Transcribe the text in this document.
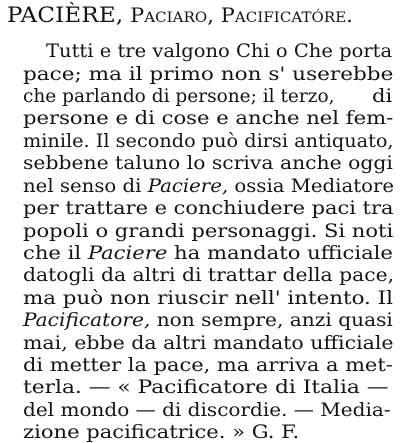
PACIÈRE, Paciaro, Pacificatóre.
Tutti e tre valgono Chi o Che porta
pace; ma il primo non s' userebbe
che parlando di persone; il terzo, di
persone e di cose e anche nel fem-
minile. Il secondo può dirsi antiquato,
sebbene taluno lo scriva anche oggi
nel senso di Paciere, ossia Mediatore
per trattare e conchiudere paci tra
popoli o grandi personaggi. Si noti
che il Paciere ha mandato ufficiale
datogli da altri di trattar della pace,
ma può non riuscir nell' intento. Il
Pacificatore, non sempre, anzi quasi
mai, ebbe da altri mandato ufficiale
di metter la pace, ma arriva a met-
terla. — « Pacificatore di Italia —
del mondo — di discordie. — Media-
zione pacificatrice. » G. F.
